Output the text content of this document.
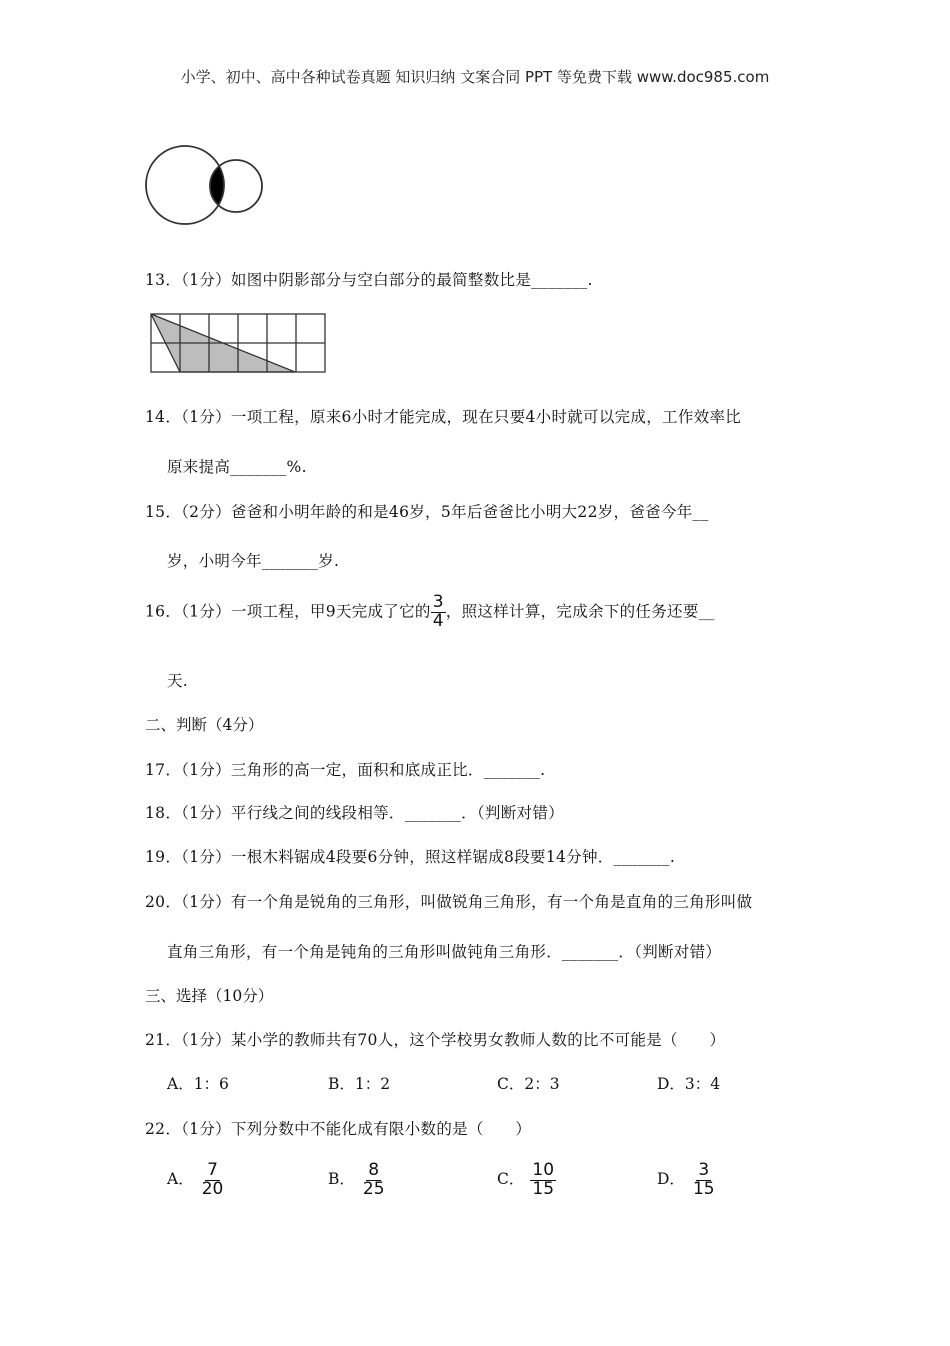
小学、初中、高中各种试卷真题 知识归纳 文案合同 PPT 等免费下载 www.doc985.com
13．（1分）如图中阴影部分与空白部分的最简整数比是_______.
14．（1分）一项工程，原来6小时才能完成，现在只要4小时就可以完成，工作效率比
原来提高_______%.
15．（2分）爸爸和小明年龄的和是46岁，5年后爸爸比小明大22岁，爸爸今年__
岁，小明今年_______岁.
16．（1分）一项工程，甲9天完成了它的 $\frac{3}{4}$ ，照这样计算，完成余下的任务还要__
天.
二、判断（4分）
17．（1分）三角形的高一定，面积和底成正比．_______.
18．（1分）平行线之间的线段相等．_______．（判断对错）
19．（1分）一根木料锯成4段要6分钟，照这样锯成8段要14分钟．_______.
20．（1分）有一个角是锐角的三角形，叫做锐角三角形，有一个角是直角的三角形叫做
直角三角形，有一个角是钝角的三角形叫做钝角三角形．_______．（判断对错）
三、选择（10分）
21．（1分）某小学的教师共有70人，这个学校男女教师人数的比不可能是（　　）
A．1：6	B．1：2	C．2：3	D．3：4
22．（1分）下列分数中不能化成有限小数的是（　　）
A． $\frac{7}{20}$	B． $\frac{8}{25}$	C． $\frac{10}{15}$	D． $\frac{3}{15}$
